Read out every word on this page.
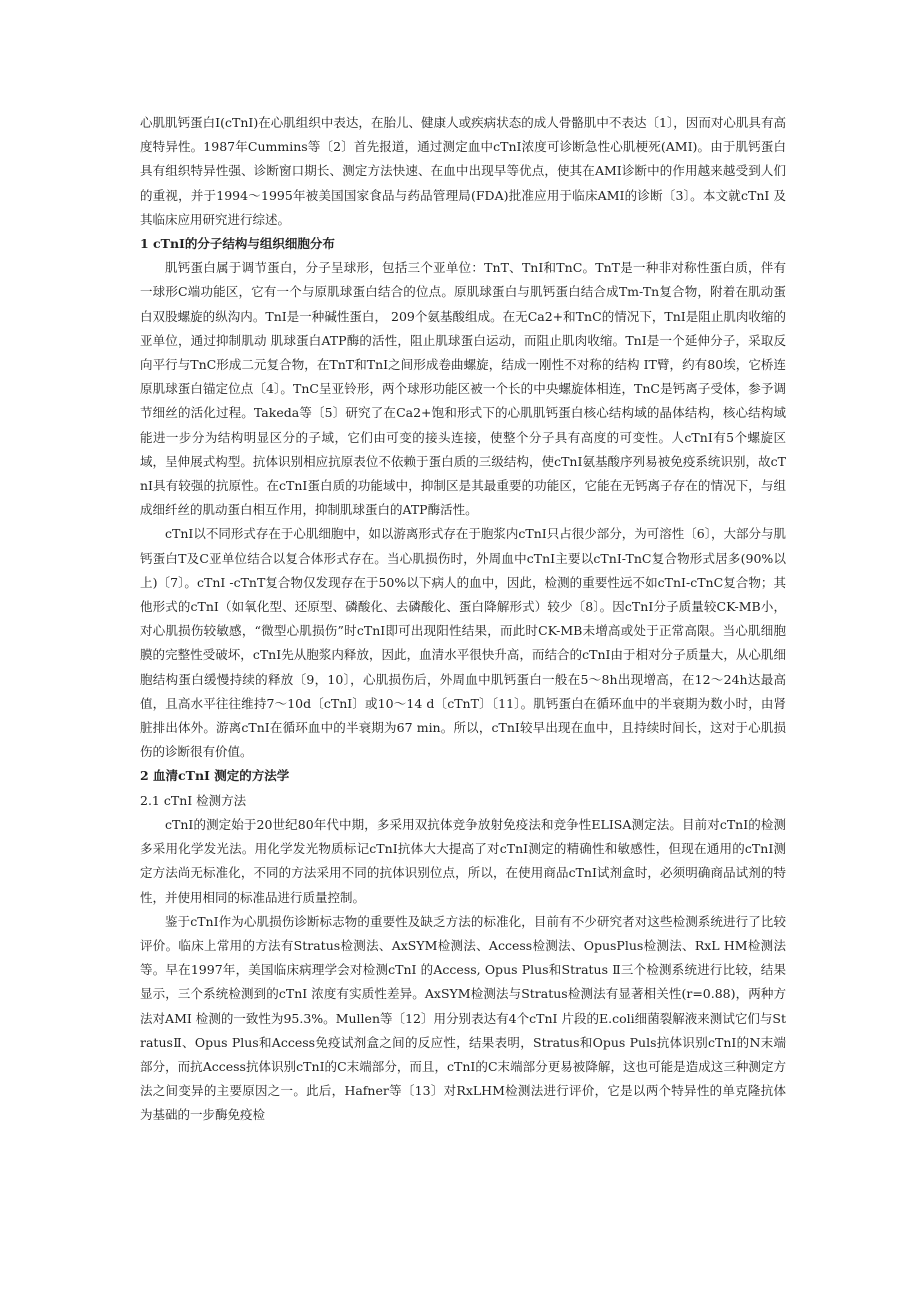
心肌肌钙蛋白Ⅰ(cTnI)在心肌组织中表达，在胎儿、健康人或疾病状态的成人骨骼肌中不表达〔1〕，因而对心肌具有高度特异性。1987年Cummins等〔2〕首先报道，通过测定血中cTnI浓度可诊断急性心肌梗死(AMI)。由于肌钙蛋白具有组织特异性强、诊断窗口期长、测定方法快速、在血中出现早等优点，使其在AMI诊断中的作用越来越受到人们的重视，并于1994～1995年被美国国家食品与药品管理局(FDA)批准应用于临床AMI的诊断〔3〕。本文就cTnI 及其临床应用研究进行综述。

1 cTnI的分子结构与组织细胞分布

肌钙蛋白属于调节蛋白，分子呈球形，包括三个亚单位：TnT、TnI和TnC。TnT是一种非对称性蛋白质，伴有一球形C端功能区，它有一个与原肌球蛋白结合的位点。原肌球蛋白与肌钙蛋白结合成Tm-Tn复合物，附着在肌动蛋白双股螺旋的纵沟内。TnI是一种碱性蛋白， 209个氨基酸组成。在无Ca2+和TnC的情况下，TnI是阻止肌肉收缩的亚单位，通过抑制肌动 肌球蛋白ATP酶的活性，阻止肌球蛋白运动，而阻止肌肉收缩。TnI是一个延伸分子，采取反向平行与TnC形成二元复合物，在TnT和TnI之间形成卷曲螺旋，结成一刚性不对称的结构 IT臂，约有80埃，它桥连原肌球蛋白锚定位点〔4〕。TnC呈亚铃形，两个球形功能区被一个长的中央螺旋体相连，TnC是钙离子受体，参予调节细丝的活化过程。Takeda等〔5〕研究了在Ca2+饱和形式下的心肌肌钙蛋白核心结构域的晶体结构，核心结构域能进一步分为结构明显区分的子域，它们由可变的接头连接，使整个分子具有高度的可变性。人cTnI有5个螺旋区域，呈伸展式构型。抗体识别相应抗原表位不依赖于蛋白质的三级结构，使cTnI氨基酸序列易被免疫系统识别，故cTnI具有较强的抗原性。在cTnI蛋白质的功能域中，抑制区是其最重要的功能区，它能在无钙离子存在的情况下，与组成细纤丝的肌动蛋白相互作用，抑制肌球蛋白的ATP酶活性。

cTnI以不同形式存在于心肌细胞中，如以游离形式存在于胞浆内cTnI只占很少部分，为可溶性〔6〕，大部分与肌钙蛋白T及C亚单位结合以复合体形式存在。当心肌损伤时，外周血中cTnI主要以cTnI-TnC复合物形式居多(90%以上)〔7〕。cTnI -cTnT复合物仅发现存在于50%以下病人的血中，因此，检测的重要性远不如cTnI-cTnC复合物；其他形式的cTnI（如氧化型、还原型、磷酸化、去磷酸化、蛋白降解形式）较少〔8〕。因cTnI分子质量较CK-MB小，对心肌损伤较敏感，“微型心肌损伤”时cTnI即可出现阳性结果，而此时CK-MB未增高或处于正常高限。当心肌细胞膜的完整性受破坏，cTnI先从胞浆内释放，因此，血清水平很快升高，而结合的cTnI由于相对分子质量大，从心肌细胞结构蛋白缓慢持续的释放〔9，10〕，心肌损伤后，外周血中肌钙蛋白一般在5～8h出现增高，在12～24h达最高值，且高水平往往维持7～10d〔cTnI〕或10～14 d〔cTnT〕〔11〕。肌钙蛋白在循环血中的半衰期为数小时，由肾脏排出体外。游离cTnI在循环血中的半衰期为67 min。所以，cTnI较早出现在血中，且持续时间长，这对于心肌损伤的诊断很有价值。

2 血清cTnI 测定的方法学
2.1 cTnI 检测方法

cTnI的测定始于20世纪80年代中期，多采用双抗体竞争放射免疫法和竞争性ELISA测定法。目前对cTnI的检测多采用化学发光法。用化学发光物质标记cTnI抗体大大提高了对cTnI测定的精确性和敏感性，但现在通用的cTnI测定方法尚无标准化，不同的方法采用不同的抗体识别位点，所以，在使用商品cTnI试剂盒时，必须明确商品试剂的特性，并使用相同的标准品进行质量控制。

鉴于cTnI作为心肌损伤诊断标志物的重要性及缺乏方法的标准化，目前有不少研究者对这些检测系统进行了比较评价。临床上常用的方法有Stratus检测法、AxSYM检测法、Access检测法、OpusPlus检测法、RxL HM检测法等。早在1997年，美国临床病理学会对检测cTnI 的Access, Opus Plus和Stratus Ⅱ三个检测系统进行比较，结果显示，三个系统检测到的cTnI 浓度有实质性差异。AxSYM检测法与Stratus检测法有显著相关性(r=0.88)，两种方法对AMI 检测的一致性为95.3%。Mullen等〔12〕用分别表达有4个cTnI 片段的E.coli细菌裂解液来测试它们与StratusⅡ、Opus Plus和Access免疫试剂盒之间的反应性，结果表明，Stratus和Opus Puls抗体识别cTnI的N末端部分，而抗Access抗体识别cTnI的C末端部分，而且，cTnI的C末端部分更易被降解，这也可能是造成这三种测定方法之间变异的主要原因之一。此后，Hafner等〔13〕对RxLHM检测法进行评价，它是以两个特异性的单克隆抗体为基础的一步酶免疫检
